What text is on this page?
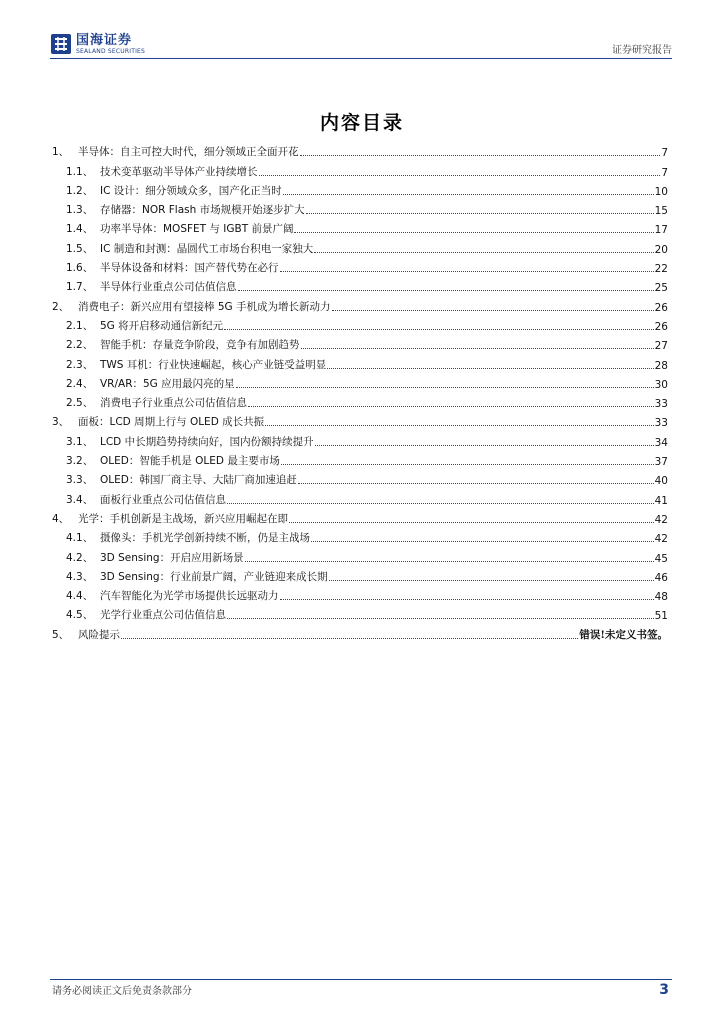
国海证券
SEALAND SECURITIES	证券研究报告
内容目录
1、 半导体：自主可控大时代，细分领域正全面开花	7
1.1、 技术变革驱动半导体产业持续增长	7
1.2、 IC 设计：细分领域众多，国产化正当时	10
1.3、 存储器：NOR Flash 市场规模开始逐步扩大	15
1.4、 功率半导体：MOSFET 与 IGBT 前景广阔	17
1.5、 IC 制造和封测：晶圆代工市场台积电一家独大	20
1.6、 半导体设备和材料：国产替代势在必行	22
1.7、 半导体行业重点公司估值信息	25
2、 消费电子：新兴应用有望接棒 5G 手机成为增长新动力	26
2.1、 5G 将开启移动通信新纪元	26
2.2、 智能手机：存量竞争阶段，竞争有加剧趋势	27
2.3、 TWS 耳机：行业快速崛起，核心产业链受益明显	28
2.4、 VR/AR：5G 应用最闪亮的星	30
2.5、 消费电子行业重点公司估值信息	33
3、 面板：LCD 周期上行与 OLED 成长共振	33
3.1、 LCD 中长期趋势持续向好，国内份额持续提升	34
3.2、 OLED：智能手机是 OLED 最主要市场	37
3.3、 OLED：韩国厂商主导、大陆厂商加速追赶	40
3.4、 面板行业重点公司估值信息	41
4、 光学：手机创新是主战场，新兴应用崛起在即	42
4.1、 摄像头：手机光学创新持续不断，仍是主战场	42
4.2、 3D Sensing：开启应用新场景	45
4.3、 3D Sensing：行业前景广阔，产业链迎来成长期	46
4.4、 汽车智能化为光学市场提供长远驱动力	48
4.5、 光学行业重点公司估值信息	51
5、 风险提示	错误!未定义书签。
请务必阅读正文后免责条款部分	3
